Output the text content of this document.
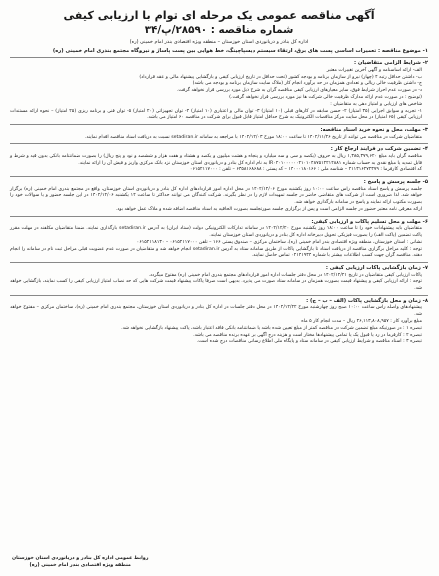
آگهی مناقصه عمومی یک مرحله ای توام با ارزیابی کیفی

شماره مناقصه : ۲۸۵۹۰/پ/۳۴

اداره کل بنادر و دریانوردی استان خوزستان – منطقه ویژه اقتصادی بندر امام خمینی (ره)

۱- موضوع مناقصه : تعمیرات اساسی پست های برق، ارتقاء سیستم دیسپاچینگ، خط هوایی بین پست پاساژ و نیروگاه مجتمع بندری امام خمینی (ره)

۲- شرایط الزامی متقاضیان :

الف- ارائه اساسنامه و آگهی آخرین تغییرات معتبر

ب- داشتن حداقل رتبه ۴ (چهار) نیرو از سازمان برنامه و بودجه کشور (تحت حداقل در تاریخ ارزیابی کیفی و بارگشایی پیشنهاد مالی و عقد قرارداد)

ج- داشتن ظرفیت خالی ریالی و تعدادی همزمان در حد برآورد انجام کار (ملاک سایت سازمان برنامه و بودجه می باشد)

د- در صورت عدم احراز شرایط فوق، سایر معیارهای ارزیابی کیفی مناقصه گران به شرح ذیل مورد بررسی قرار نخواهد گرفت.

(توضیح : در صورت عدم ارائه مدارک ظرفیت خالی شرکت ها نیز مورد بررسی قرار نخواهد گرفت.)

شاخص های ارزیابی و امتیاز دهی به متقاضیان :

۱- تجربه و سوابق اجرایی (۳۵ امتیاز) ۲- حسن سابقه در کارهای قبلی (۱۰ امتیاز) ۳- توان مالی و اعتباری (۱۰ امتیاز) ۴- توان تجهیزاتی (۲۰ امتیاز) ۵- توان فنی و برنامه ریزی (۲۵ امتیاز) – نحوه ارائه مستندات ارزیابی کیفی (۶۵ امتیاز) در محل سایت مرکز مناقصات الکترونیک به شرح حداقل امتیاز قابل قبول برای شرکت در مناقصه ۶۰ امتیاز می باشد.

۳- مهلت، محل و نحوه خرید اسناد مناقصه:

متقاضیان شرکت در مناقصه می توانند از تاریخ ۱۴۰۲/۱۱/۲۶ تا ساعت ۱۸:۰۰ مورخ ۱۴۰۲/۱۲/۰۳ با مراجعه به سامانه setadiran.ir نسبت به دریافت اسناد مناقصه اقدام نمایند.

۴- تضمین شرکت در فرایند ارجاع کار :

مناقصه گران باید مبلغ ۱,۳۸۵,۳۷۹,۶۲۰ ریال به حروف (یکصد و سی و سه میلیارد و پنجاه و هشت میلیون و یکصد و هشتاد و هفت هزار و ششصد و نود و پنج ریال) را بصورت ضمانتنامه بانکی بدون قید و شرط و قابل تمدید یا مبلغ نقدی به حساب شماره IR۰۲۰۱۰۰۰۰۰۰۴۱۰۱۰۴۸۷۵۱۲۲۱۴۸۸۱ به نام اداره کل بنادر و دریانوردی استان خوزستان نزد بانک مرکزی واریز و فیش آن را ارائه نمایند.

کد اقتصادی کارفرما : ۴۱۱۳۱۶۲۷۲۳۷۹ – شناسه ملی : ۱۴۰۰۰۱۸۰۱۶۶ – کد پستی : ۶۳۵۸۱۶۸۶۸۸ – تلفن : ۰۶۱۵۲۱۱۷۰۰۰

۵- جلسه پرسش و پاسخ :

جلسه پرسش و پاسخ اسناد مناقصه راس ساعت ۱۰:۰۰ روز یکشنبه مورخ ۱۴۰۲/۱۲/۰۶ در محل اداره امور قراردادهای اداره کل بنادر و دریانوردی استان خوزستان، واقع در مجتمع بندری امام خمینی (ره) برگزار خواهد شد. لذا ضروری است از شرکت های متقاضی حاضر در جلسه تمهیدات لازم را در نظر بگیرند. شرکت کنندگان می توانند حداکثر تا ساعت ۱۴ یکشنبه ۱۴۰۲/۱۲/۰۶ در این جلسه حضور و یا سوالات خود را بصورت مکتوب ارائه نمایند و پاسخ در سامانه بارگذاری خواهد شد.

ارائه معرفی نامه معتبر حضور در جلسه الزامی است و پس از برگزاری جلسه صورتجلسه بصورت الحاقیه به اسناد مناقصه اضافه شده و ملاک عمل خواهد بود.

۶- مهلت و محل تسلیم پاکات و ارزیابی کیفی:

متقاضیان باید پیشنهادات خود را تا ساعت ۱۸:۰۰ روز یکشنبه مورخ ۱۴۰۲/۱۲/۲۰ در سامانه تدارکات الکترونیکی دولت (ستاد ایران) به آدرس setadiran.ir بارگذاری نمایند. ضمنا متقاضیان مکلفند در مهلت مقرر پاکت تضمین (پاکت الف) را بصورت فیزیکی تحویل دبیرخانه اداره کل بنادر و دریانوردی استان خوزستان نمایند.

نشانی : استان خوزستان، منطقه ویژه اقتصادی بندر امام خمینی (ره)، ساختمان مرکزی – صندوق پستی ۱۶۶ – تلفن ۰۶۱۵۲۱۱۷۰۰۰ – ۰۶۱۵۲۱۱۸۱۳۰

توجه : کلیه مراحل برگزاری مناقصه از دریافت اسناد تا بازگشایی پاکات از طریق سامانه ستاد به آدرس setadiran.ir انجام خواهد شد و متقاضیان در صورت عدم عضویت قبلی مراحل ثبت نام در سامانه را انجام دهند. مناقصه گران جهت کسب اطلاعات بیشتر با شماره ۰۲۱۴۱۹۳۴ تماس حاصل نمایند.

۷- زمان بازگشایی پاکات ارزیابی کیفی :

پاکات ارزیابی کیفی متقاضیان در تاریخ ۱۴۰۲/۱۲/۲۱ در محل دفتر جلسات اداره امور قراردادهای مجتمع بندری امام خمینی (ره) مفتوح میگردد.

توجه : ارائه ارزیابی کیفی و پیشنهاد قیمت بصورت همزمان در سامانه ستاد صورت می پذیرد. بدیهی است صرفا پاکات پیشنهاد قیمت شرکت هایی که حد نصاب امتیاز ارزیابی کیفی را کسب نمایند، بازگشایی خواهد شد.

۸- زمان و محل بازگشایی پاکات (الف – ب – ج) :

پیشنهادهای واصله راس ساعت ۱۰:۰۰ صبح روز چهارشنبه مورخ ۱۴۰۲/۱۲/۲۲ در محل دفتر جلسات در اداره کل بنادر و دریانوردی استان خوزستان، مجتمع بندری امام خمینی (ره)، ساختمان مرکزی – مفتوح خواهد شد.

مبلغ برآورد کار : ۲۶,۱۱۳,۸۰۸,۹۵۷ ریال – مدت انجام کار ۵ ماه

تبصره ۱ : در صورتیکه مبلغ تضمین شرکت در مناقصه کمتر از مبلغ تعیین شده باشد یا ضمانتنامه بانکی فاقد اعتبار باشد، پاکت پیشنهاد بازگشایی نخواهد شد.

تبصره ۲ : کارفرما در رد یا قبول یک یا تمامی پیشنهادها مختار است و هزینه درج آگهی بر عهده برنده مناقصه می باشد.

تبصره ۳ : اسناد مناقصه و شرایط ارزیابی کیفی در سامانه ستاد و پایگاه ملی اطلاع رسانی مناقصات درج شده است.

روابط عمومی اداره کل بنادر و دریانوردی استان خوزستان
منطقه ویژه اقتصادی بندر امام خمینی (ره)
